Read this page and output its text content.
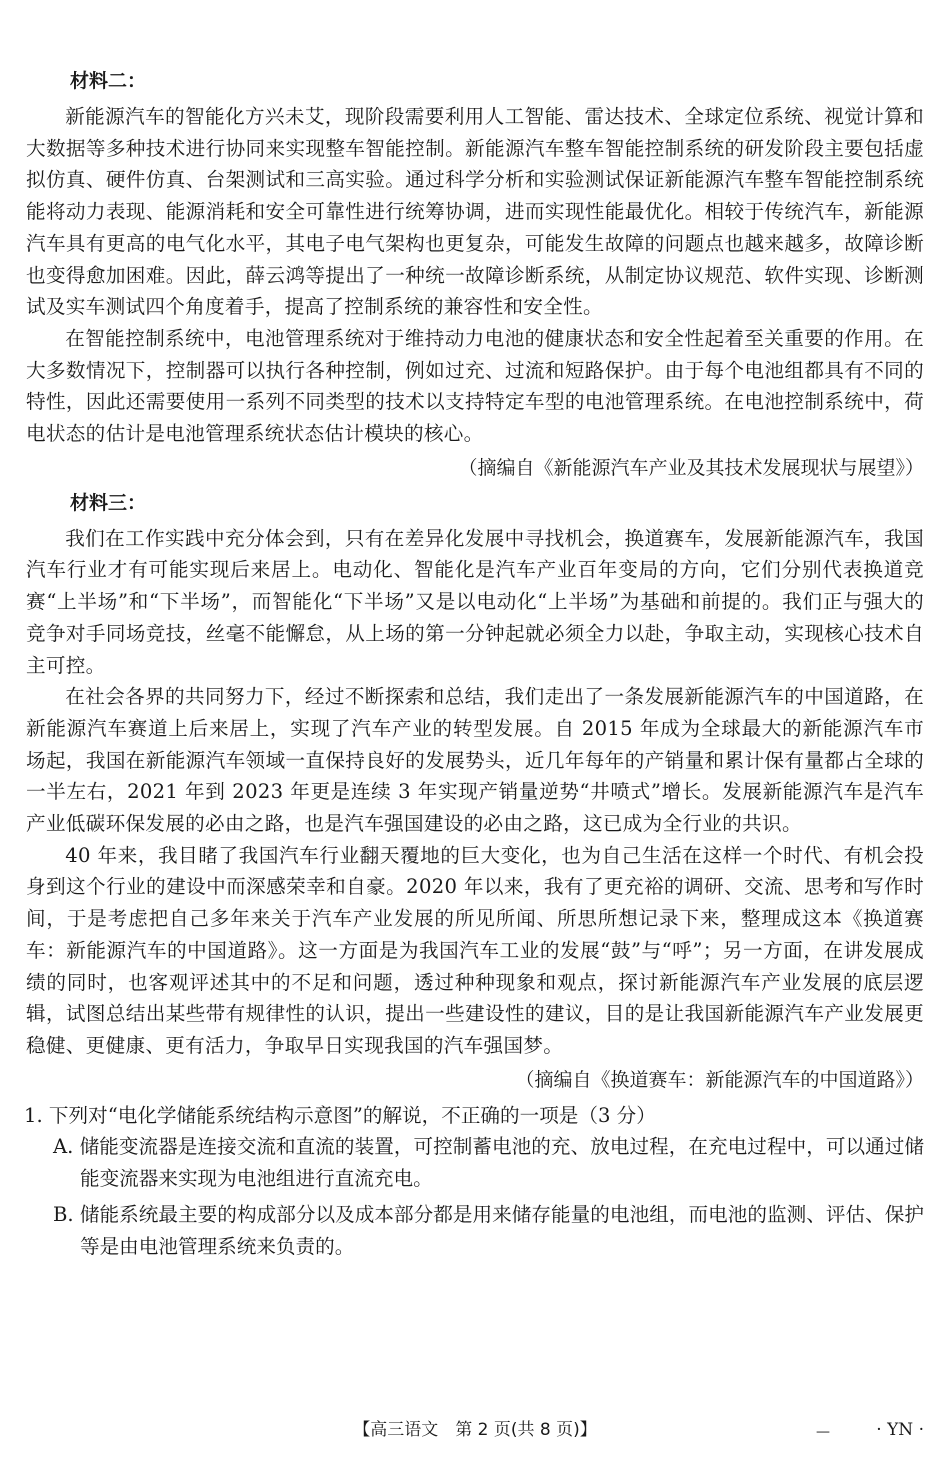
材料二：

新能源汽车的智能化方兴未艾，现阶段需要利用人工智能、雷达技术、全球定位系统、视觉计算和大数据等多种技术进行协同来实现整车智能控制。新能源汽车整车智能控制系统的研发阶段主要包括虚拟仿真、硬件仿真、台架测试和三高实验。通过科学分析和实验测试保证新能源汽车整车智能控制系统能将动力表现、能源消耗和安全可靠性进行统筹协调，进而实现性能最优化。相较于传统汽车，新能源汽车具有更高的电气化水平，其电子电气架构也更复杂，可能发生故障的问题点也越来越多，故障诊断也变得愈加困难。因此，薛云鸿等提出了一种统一故障诊断系统，从制定协议规范、软件实现、诊断测试及实车测试四个角度着手，提高了控制系统的兼容性和安全性。

在智能控制系统中，电池管理系统对于维持动力电池的健康状态和安全性起着至关重要的作用。在大多数情况下，控制器可以执行各种控制，例如过充、过流和短路保护。由于每个电池组都具有不同的特性，因此还需要使用一系列不同类型的技术以支持特定车型的电池管理系统。在电池控制系统中，荷电状态的估计是电池管理系统状态估计模块的核心。

（摘编自《新能源汽车产业及其技术发展现状与展望》）
材料三：

我们在工作实践中充分体会到，只有在差异化发展中寻找机会，换道赛车，发展新能源汽车，我国汽车行业才有可能实现后来居上。电动化、智能化是汽车产业百年变局的方向，它们分别代表换道竞赛“上半场”和“下半场”，而智能化“下半场”又是以电动化“上半场”为基础和前提的。我们正与强大的竞争对手同场竞技，丝毫不能懈怠，从上场的第一分钟起就必须全力以赴，争取主动，实现核心技术自主可控。

在社会各界的共同努力下，经过不断探索和总结，我们走出了一条发展新能源汽车的中国道路，在新能源汽车赛道上后来居上，实现了汽车产业的转型发展。自 2015 年成为全球最大的新能源汽车市场起，我国在新能源汽车领域一直保持良好的发展势头，近几年每年的产销量和累计保有量都占全球的一半左右，2021 年到 2023 年更是连续 3 年实现产销量逆势“井喷式”增长。发展新能源汽车是汽车产业低碳环保发展的必由之路，也是汽车强国建设的必由之路，这已成为全行业的共识。

40 年来，我目睹了我国汽车行业翻天覆地的巨大变化，也为自己生活在这样一个时代、有机会投身到这个行业的建设中而深感荣幸和自豪。2020 年以来，我有了更充裕的调研、交流、思考和写作时间，于是考虑把自己多年来关于汽车产业发展的所见所闻、所思所想记录下来，整理成这本《换道赛车：新能源汽车的中国道路》。这一方面是为我国汽车工业的发展“鼓”与“呼”；另一方面，在讲发展成绩的同时，也客观评述其中的不足和问题，透过种种现象和观点，探讨新能源汽车产业发展的底层逻辑，试图总结出某些带有规律性的认识，提出一些建设性的建议，目的是让我国新能源汽车产业发展更稳健、更健康、更有活力，争取早日实现我国的汽车强国梦。

（摘编自《换道赛车：新能源汽车的中国道路》）
1. 下列对“电化学储能系统结构示意图”的解说，不正确的一项是（3 分）
A. 储能变流器是连接交流和直流的装置，可控制蓄电池的充、放电过程，在充电过程中，可以通过储能变流器来实现为电池组进行直流充电。
B. 储能系统最主要的构成部分以及成本部分都是用来储存能量的电池组，而电池的监测、评估、保护等是由电池管理系统来负责的。
【高三语文　第 2 页(共 8 页)】	—	· YN ·
